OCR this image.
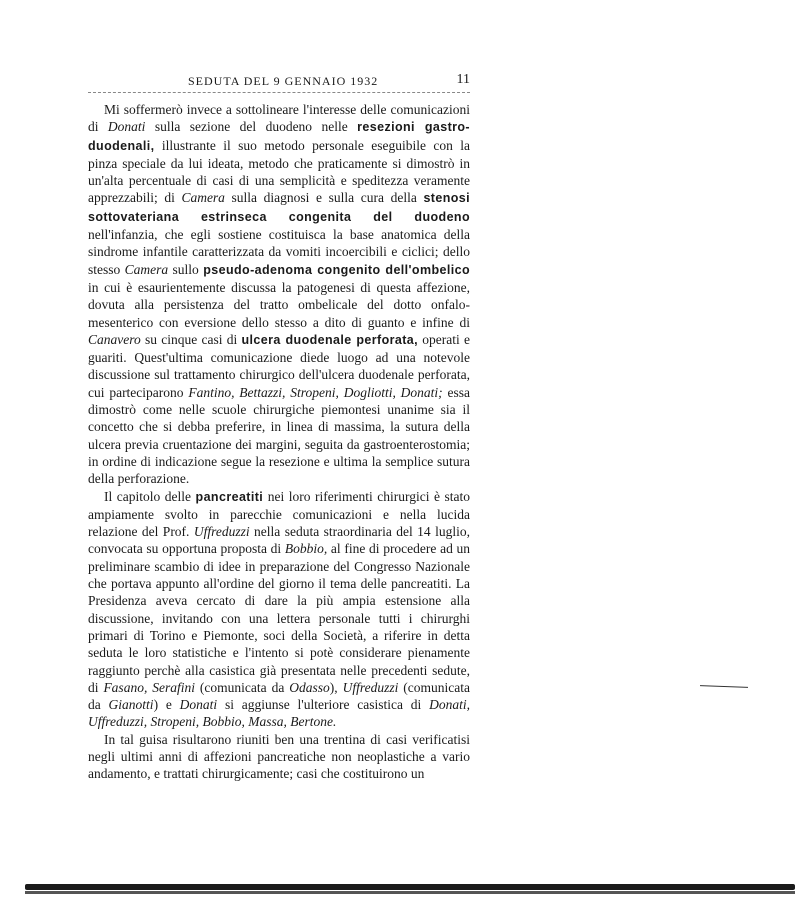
SEDUTA DEL 9 GENNAIO 1932	11

Mi soffermerò invece a sottolineare l'interesse delle comunicazioni di Donati sulla sezione del duodeno nelle resezioni gastro-duodenali, illustrante il suo metodo personale eseguibile con la pinza speciale da lui ideata, metodo che praticamente si dimostrò in un'alta percentuale di casi di una semplicità e speditezza veramente apprezzabili; di Camera sulla diagnosi e sulla cura della stenosi sottovateriana estrinseca congenita del duodeno nell'infanzia, che egli sostiene costituisca la base anatomica della sindrome infantile caratterizzata da vomiti incoercibili e ciclici; dello stesso Camera sullo pseudo-adenoma congenito dell'ombelico in cui è esaurientemente discussa la patogenesi di questa affezione, dovuta alla persistenza del tratto ombelicale del dotto onfalo-mesenterico con eversione dello stesso a dito di guanto e infine di Canavero su cinque casi di ulcera duodenale perforata, operati e guariti. Quest'ultima comunicazione diede luogo ad una notevole discussione sul trattamento chirurgico dell'ulcera duodenale perforata, cui parteciparono Fantino, Bettazzi, Stropeni, Dogliotti, Donati; essa dimostrò come nelle scuole chirurgiche piemontesi unanime sia il concetto che si debba preferire, in linea di massima, la sutura della ulcera previa cruentazione dei margini, seguita da gastroenterostomia; in ordine di indicazione segue la resezione e ultima la semplice sutura della perforazione.

Il capitolo delle pancreatiti nei loro riferimenti chirurgici è stato ampiamente svolto in parecchie comunicazioni e nella lucida relazione del Prof. Uffreduzzi nella seduta straordinaria del 14 luglio, convocata su opportuna proposta di Bobbio, al fine di procedere ad un preliminare scambio di idee in preparazione del Congresso Nazionale che portava appunto all'ordine del giorno il tema delle pancreatiti. La Presidenza aveva cercato di dare la più ampia estensione alla discussione, invitando con una lettera personale tutti i chirurghi primari di Torino e Piemonte, soci della Società, a riferire in detta seduta le loro statistiche e l'intento si potè considerare pienamente raggiunto perchè alla casistica già presentata nelle precedenti sedute, di Fasano, Serafini (comunicata da Odasso), Uffreduzzi (comunicata da Gianotti) e Donati si aggiunse l'ulteriore casistica di Donati, Uffreduzzi, Stropeni, Bobbio, Massa, Bertone.

In tal guisa risultarono riuniti ben una trentina di casi verificatisi negli ultimi anni di affezioni pancreatiche non neoplastiche a vario andamento, e trattati chirurgicamente; casi che costituirono un
